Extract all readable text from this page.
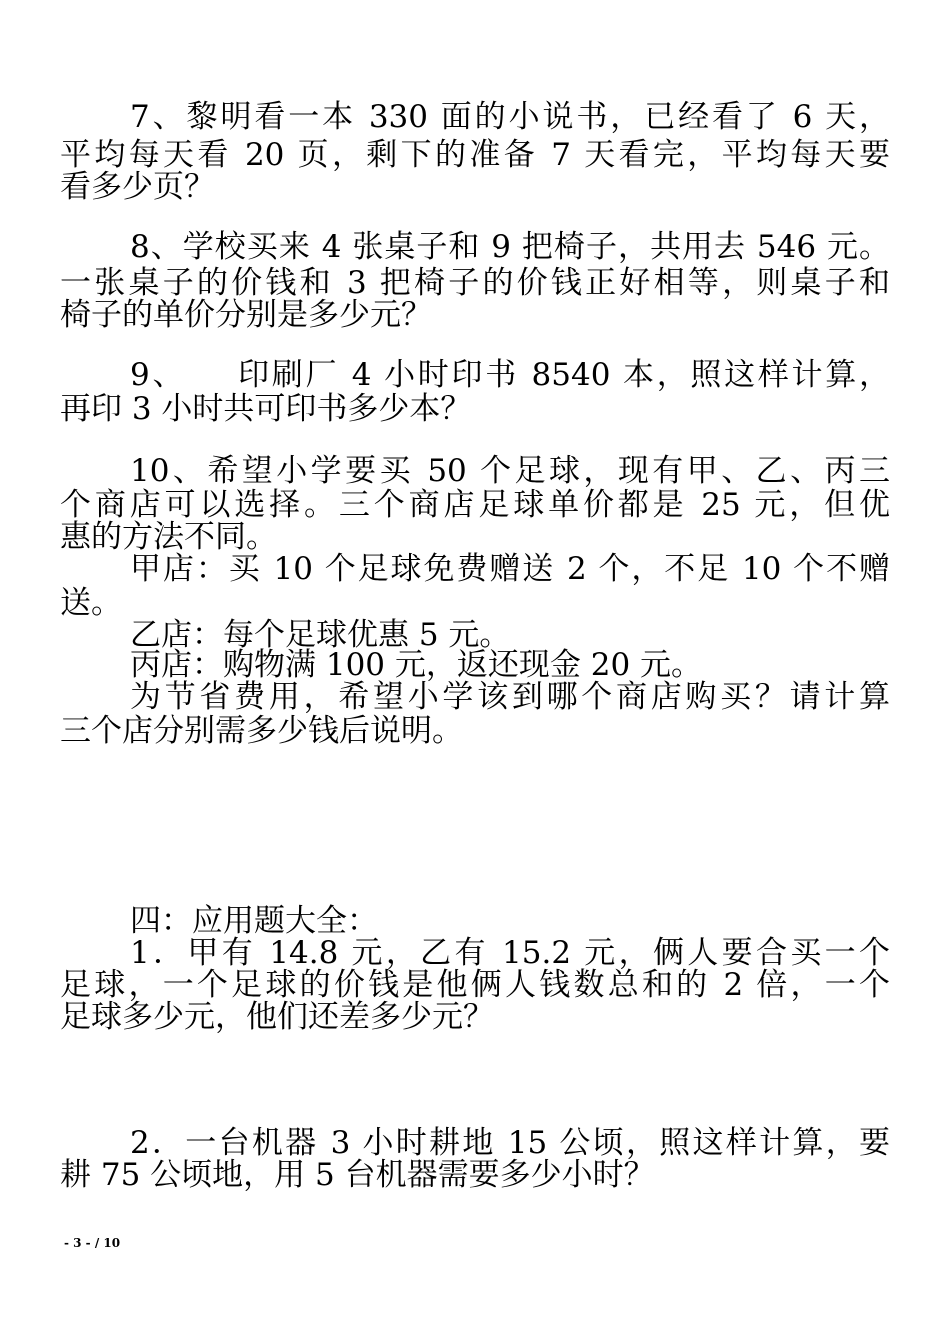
7、黎明看一本 330 面的小说书，已经看了 6 天，
平均每天看 20 页，剩下的准备 7 天看完，平均每天要
看多少页？
8、学校买来 4 张桌子和 9 把椅子，共用去 546 元。
一张桌子的价钱和 3 把椅子的价钱正好相等，则桌子和
椅子的单价分别是多少元？
9、　　印刷厂 4 小时印书 8540 本，照这样计算，
再印 3 小时共可印书多少本？
10、希望小学要买 50 个足球，现有甲、乙、丙三
个商店可以选择。三个商店足球单价都是 25 元，但优
惠的方法不同。
甲店：买 10 个足球免费赠送 2 个，不足 10 个不赠
送。
乙店：每个足球优惠 5 元。
丙店：购物满 100 元，返还现金 20 元。
为节省费用，希望小学该到哪个商店购买？请计算
三个店分别需多少钱后说明。
四：应用题大全：
1．甲有 14.8 元，乙有 15.2 元，俩人要合买一个
足球，一个足球的价钱是他俩人钱数总和的 2 倍，一个
足球多少元，他们还差多少元？
2．一台机器 3 小时耕地 15 公顷，照这样计算，要
耕 75 公顷地，用 5 台机器需要多少小时？
- 3 - / 10
